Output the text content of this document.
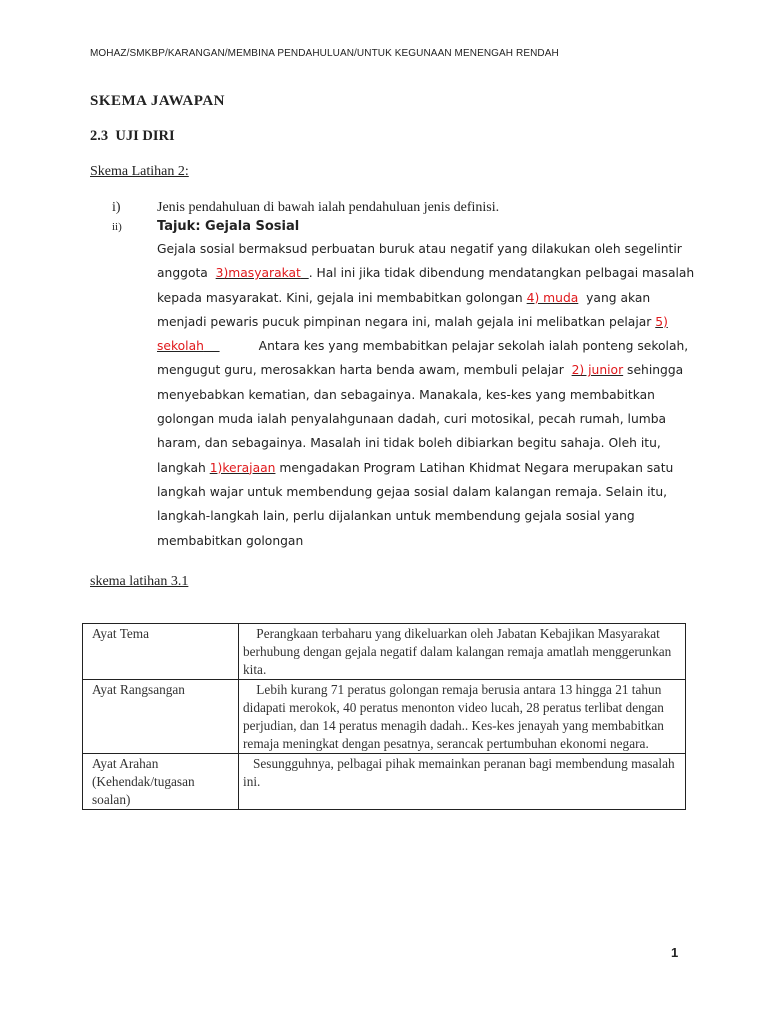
MOHAZ/SMKBP/KARANGAN/MEMBINA PENDAHULUAN/UNTUK KEGUNAAN MENENGAH RENDAH
SKEMA JAWAPAN
2.3 UJI DIRI
Skema Latihan 2:
i)	Jenis pendahuluan di bawah ialah pendahuluan jenis definisi.
ii)	Tajuk: Gejala Sosial
Gejala sosial bermaksud perbuatan buruk atau negatif yang dilakukan oleh segelintir
anggota  3)masyarakat . Hal ini jika tidak dibendung mendatangkan pelbagai masalah
kepada masyarakat. Kini, gejala ini membabitkan golongan 4) muda  yang akan
menjadi pewaris pucuk pimpinan negara ini, malah gejala ini melibatkan pelajar 5)
sekolah	Antara kes yang membabitkan pelajar sekolah ialah ponteng sekolah,
mengugut guru, merosakkan harta benda awam, membuli pelajar 2) junior sehingga
menyebabkan kematian, dan sebagainya. Manakala, kes-kes yang membabitkan
golongan muda ialah penyalahgunaan dadah, curi motosikal, pecah rumah, lumba
haram, dan sebagainya. Masalah ini tidak boleh dibiarkan begitu sahaja. Oleh itu,
langkah 1)kerajaan mengadakan Program Latihan Khidmat Negara merupakan satu
langkah wajar untuk membendung gejaa sosial dalam kalangan remaja. Selain itu,
langkah-langkah lain, perlu dijalankan untuk membendung gejala sosial yang
membabitkan golongan
skema latihan 3.1
Ayat Tema	Perangkaan terbaharu yang dikeluarkan oleh Jabatan Kebajikan Masyarakat berhubung dengan gejala negatif dalam kalangan remaja amatlah menggerunkan kita.
Ayat Rangsangan	Lebih kurang 71 peratus golongan remaja berusia antara 13 hingga 21 tahun didapati merokok, 40 peratus menonton video lucah, 28 peratus terlibat dengan perjudian, dan 14 peratus menagih dadah.. Kes-kes jenayah yang membabitkan remaja meningkat dengan pesatnya, serancak pertumbuhan ekonomi negara.
Ayat Arahan (Kehendak/tugasan soalan)	Sesungguhnya, pelbagai pihak memainkan peranan bagi membendung masalah ini.
1
